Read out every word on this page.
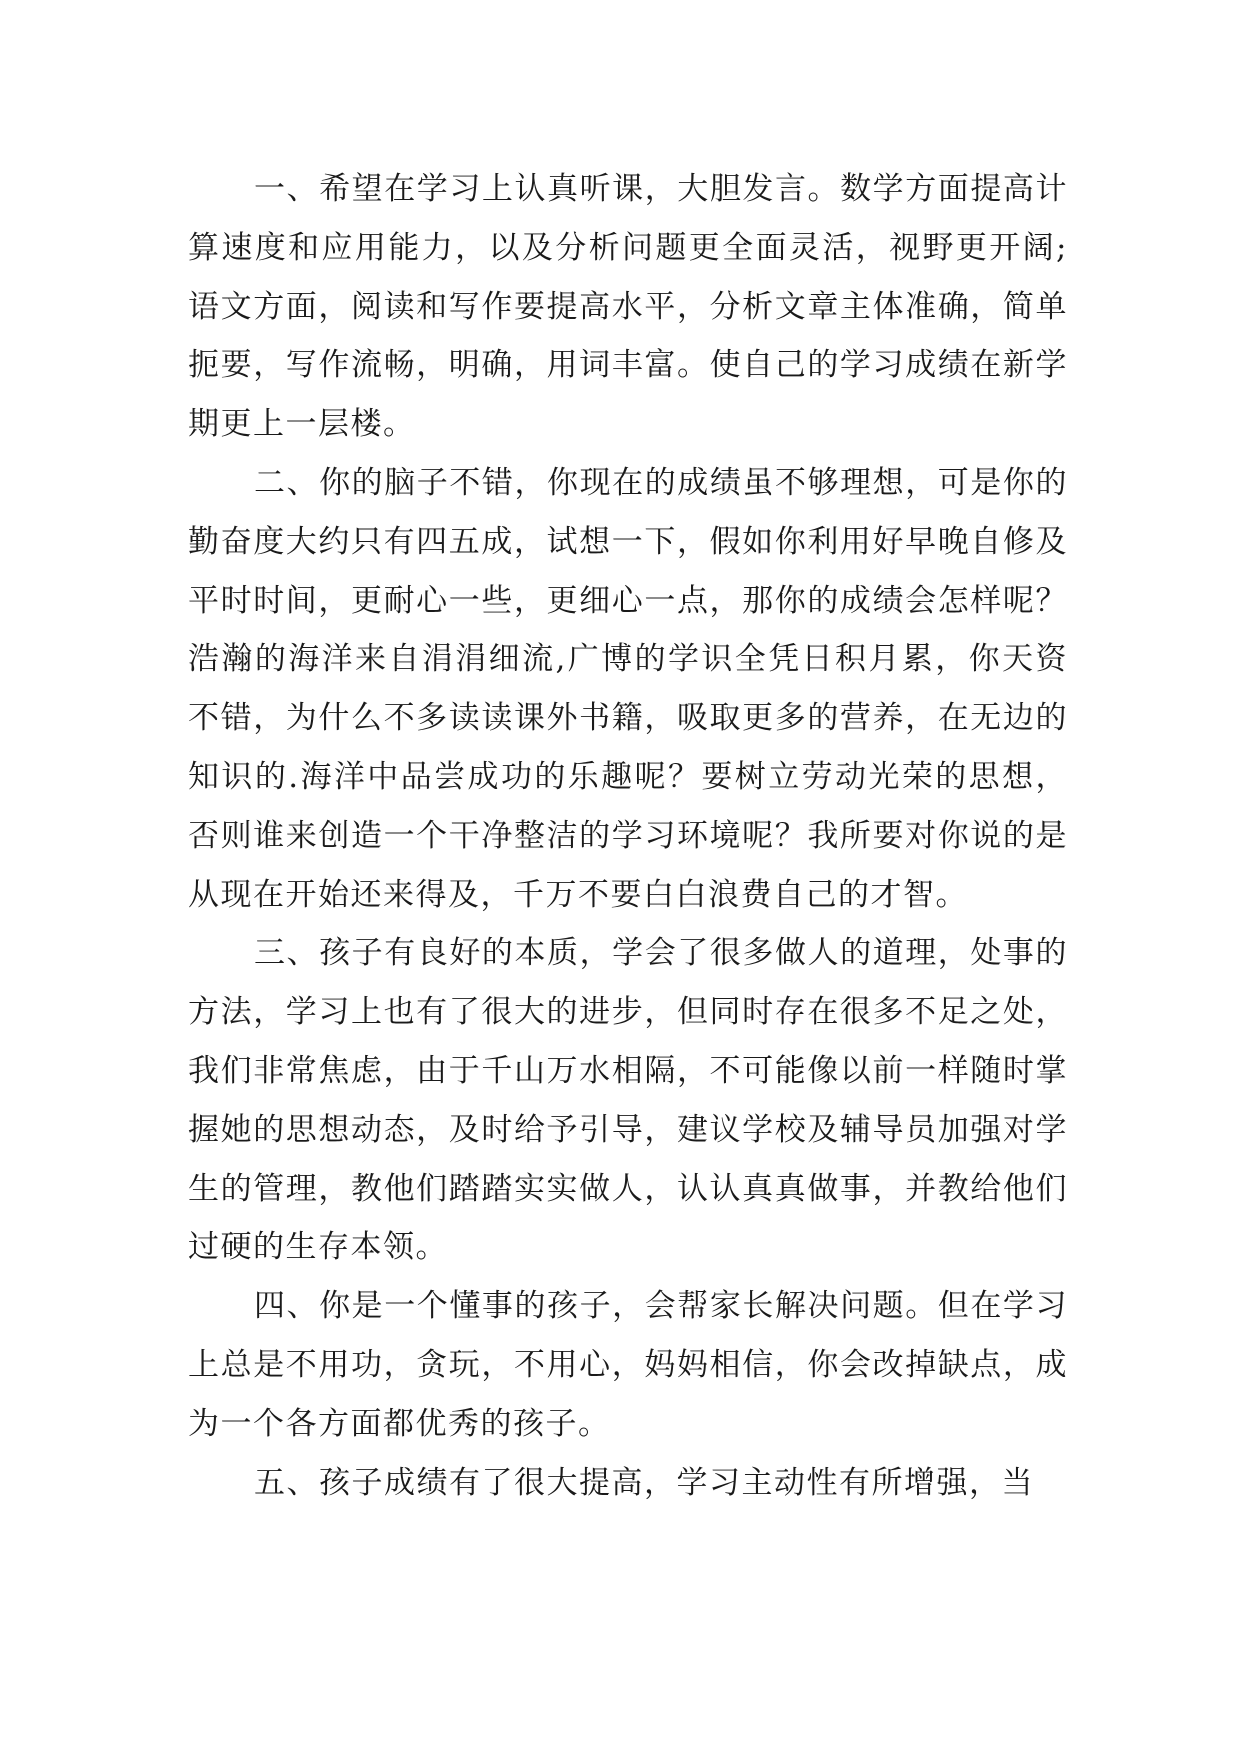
一、希望在学习上认真听课，大胆发言。数学方面提高计算速度和应用能力，以及分析问题更全面灵活，视野更开阔;语文方面，阅读和写作要提高水平，分析文章主体准确，简单扼要，写作流畅，明确，用词丰富。使自己的学习成绩在新学期更上一层楼。

二、你的脑子不错，你现在的成绩虽不够理想，可是你的勤奋度大约只有四五成，试想一下，假如你利用好早晚自修及平时时间，更耐心一些，更细心一点，那你的成绩会怎样呢？浩瀚的海洋来自涓涓细流,广博的学识全凭日积月累，你天资不错，为什么不多读读课外书籍，吸取更多的营养，在无边的知识的.海洋中品尝成功的乐趣呢？要树立劳动光荣的思想，否则谁来创造一个干净整洁的学习环境呢？我所要对你说的是从现在开始还来得及，千万不要白白浪费自己的才智。

三、孩子有良好的本质，学会了很多做人的道理，处事的方法，学习上也有了很大的进步，但同时存在很多不足之处，我们非常焦虑，由于千山万水相隔，不可能像以前一样随时掌握她的思想动态，及时给予引导，建议学校及辅导员加强对学生的管理，教他们踏踏实实做人，认认真真做事，并教给他们过硬的生存本领。

四、你是一个懂事的孩子，会帮家长解决问题。但在学习上总是不用功，贪玩，不用心，妈妈相信，你会改掉缺点，成为一个各方面都优秀的孩子。

五、孩子成绩有了很大提高，学习主动性有所增强，当
